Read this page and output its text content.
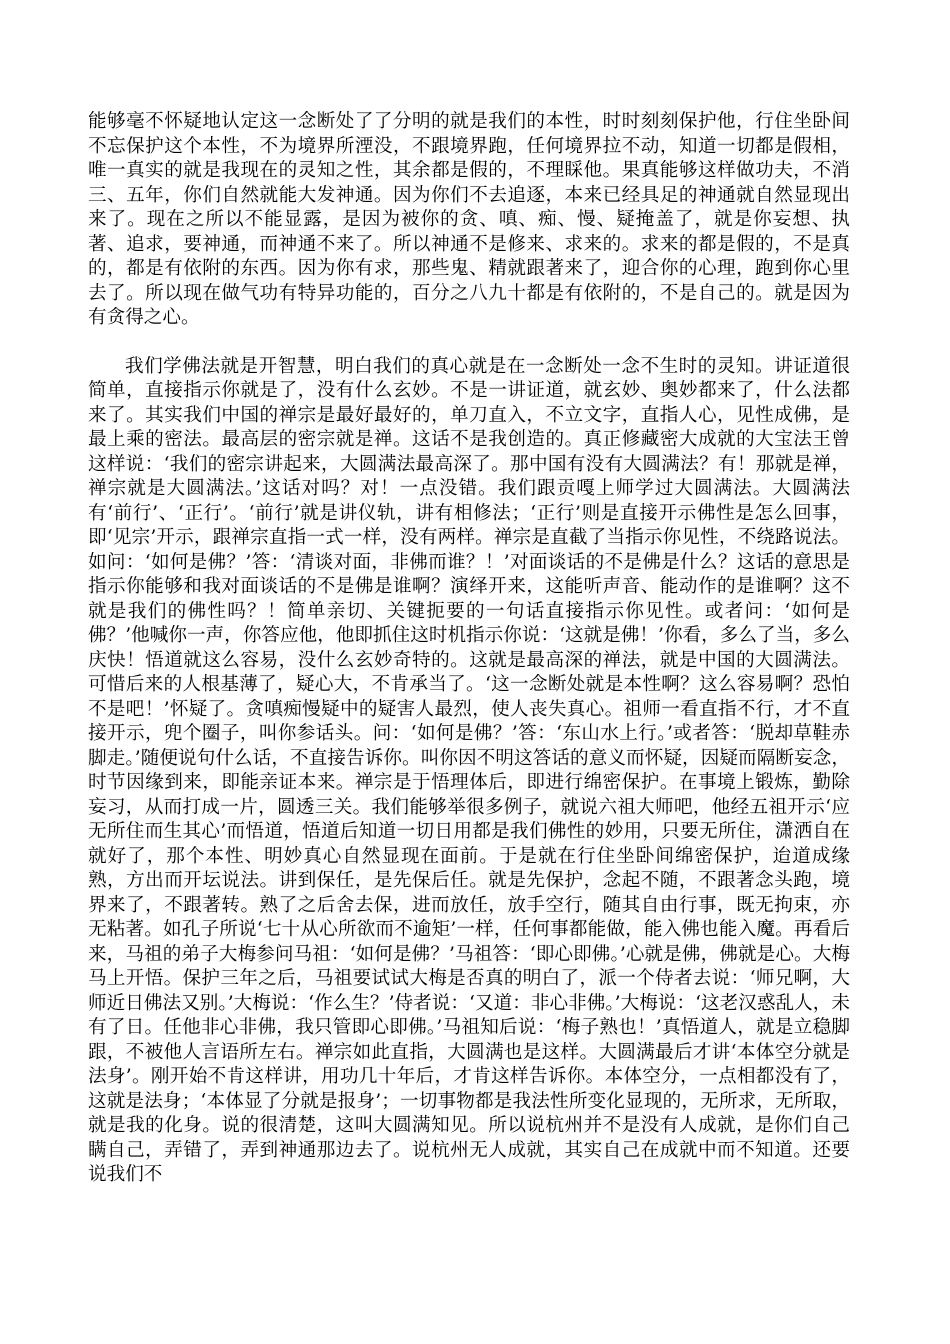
能够毫不怀疑地认定这一念断处了了分明的就是我们的本性，时时刻刻保护他，行住坐卧间不忘保护这个本性，不为境界所湮没，不跟境界跑，任何境界拉不动，知道一切都是假相，唯一真实的就是我现在的灵知之性，其余都是假的，不理睬他。果真能够这样做功夫，不消三、五年，你们自然就能大发神通。因为你们不去追逐，本来已经具足的神通就自然显现出来了。现在之所以不能显露，是因为被你的贪、嗔、痴、慢、疑掩盖了，就是你妄想、执著、追求，要神通，而神通不来了。所以神通不是修来、求来的。求来的都是假的，不是真的，都是有依附的东西。因为你有求，那些鬼、精就跟著来了，迎合你的心理，跑到你心里去了。所以现在做气功有特异功能的，百分之八九十都是有依附的，不是自己的。就是因为有贪得之心。

我们学佛法就是开智慧，明白我们的真心就是在一念断处一念不生时的灵知。讲证道很简单，直接指示你就是了，没有什么玄妙。不是一讲证道，就玄妙、奥妙都来了，什么法都来了。其实我们中国的禅宗是最好最好的，单刀直入，不立文字，直指人心，见性成佛，是最上乘的密法。最高层的密宗就是禅。这话不是我创造的。真正修藏密大成就的大宝法王曾这样说：‘我们的密宗讲起来，大圆满法最高深了。那中国有没有大圆满法？有！那就是禅，禅宗就是大圆满法。’这话对吗？对！一点没错。我们跟贡嘎上师学过大圆满法。大圆满法有‘前行’、‘正行’。‘前行’就是讲仪轨，讲有相修法；‘正行’则是直接开示佛性是怎么回事，即‘见宗’开示，跟禅宗直指一式一样，没有两样。禅宗是直截了当指示你见性，不绕路说法。如问：‘如何是佛？’答：‘清谈对面，非佛而谁？！’对面谈话的不是佛是什么？这话的意思是指示你能够和我对面谈话的不是佛是谁啊？演绎开来，这能听声音、能动作的是谁啊？这不就是我们的佛性吗？！简单亲切、关键扼要的一句话直接指示你见性。或者问：‘如何是佛？’他喊你一声，你答应他，他即抓住这时机指示你说：‘这就是佛！’你看，多么了当，多么庆快！悟道就这么容易，没什么玄妙奇特的。这就是最高深的禅法，就是中国的大圆满法。可惜后来的人根基薄了，疑心大，不肯承当了。‘这一念断处就是本性啊？这么容易啊？恐怕不是吧！’怀疑了。贪嗔痴慢疑中的疑害人最烈，使人丧失真心。祖师一看直指不行，才不直接开示，兜个圈子，叫你参话头。问：‘如何是佛？’答：‘东山水上行。’或者答：‘脱却草鞋赤脚走。’随便说句什么话，不直接告诉你。叫你因不明这答话的意义而怀疑，因疑而隔断妄念，时节因缘到来，即能亲证本来。禅宗是于悟理体后，即进行绵密保护。在事境上锻炼，勤除妄习，从而打成一片，圆透三关。我们能够举很多例子，就说六祖大师吧，他经五祖开示‘应无所住而生其心’而悟道，悟道后知道一切日用都是我们佛性的妙用，只要无所住，潇洒自在就好了，那个本性、明妙真心自然显现在面前。于是就在行住坐卧间绵密保护，迨道成缘熟，方出而开坛说法。讲到保任，是先保后任。就是先保护，念起不随，不跟著念头跑，境界来了，不跟著转。熟了之后舍去保，进而放任，放手空行，随其自由行事，既无拘束，亦无粘著。如孔子所说‘七十从心所欲而不逾矩’一样，任何事都能做，能入佛也能入魔。再看后来，马祖的弟子大梅参问马祖：‘如何是佛？’马祖答：‘即心即佛。’心就是佛，佛就是心。大梅马上开悟。保护三年之后，马祖要试试大梅是否真的明白了，派一个侍者去说：‘师兄啊，大师近日佛法又别。’大梅说：‘作么生？’侍者说：‘又道：非心非佛。’大梅说：‘这老汉惑乱人，未有了日。任他非心非佛，我只管即心即佛。’马祖知后说：‘梅子熟也！’真悟道人，就是立稳脚跟，不被他人言语所左右。禅宗如此直指，大圆满也是这样。大圆满最后才讲‘本体空分就是法身’。刚开始不肯这样讲，用功几十年后，才肯这样告诉你。本体空分，一点相都没有了，这就是法身；‘本体显了分就是报身’；一切事物都是我法性所变化显现的，无所求，无所取，就是我的化身。说的很清楚，这叫大圆满知见。所以说杭州并不是没有人成就，是你们自己瞒自己，弄错了，弄到神通那边去了。说杭州无人成就，其实自己在成就中而不知道。还要说我们不
